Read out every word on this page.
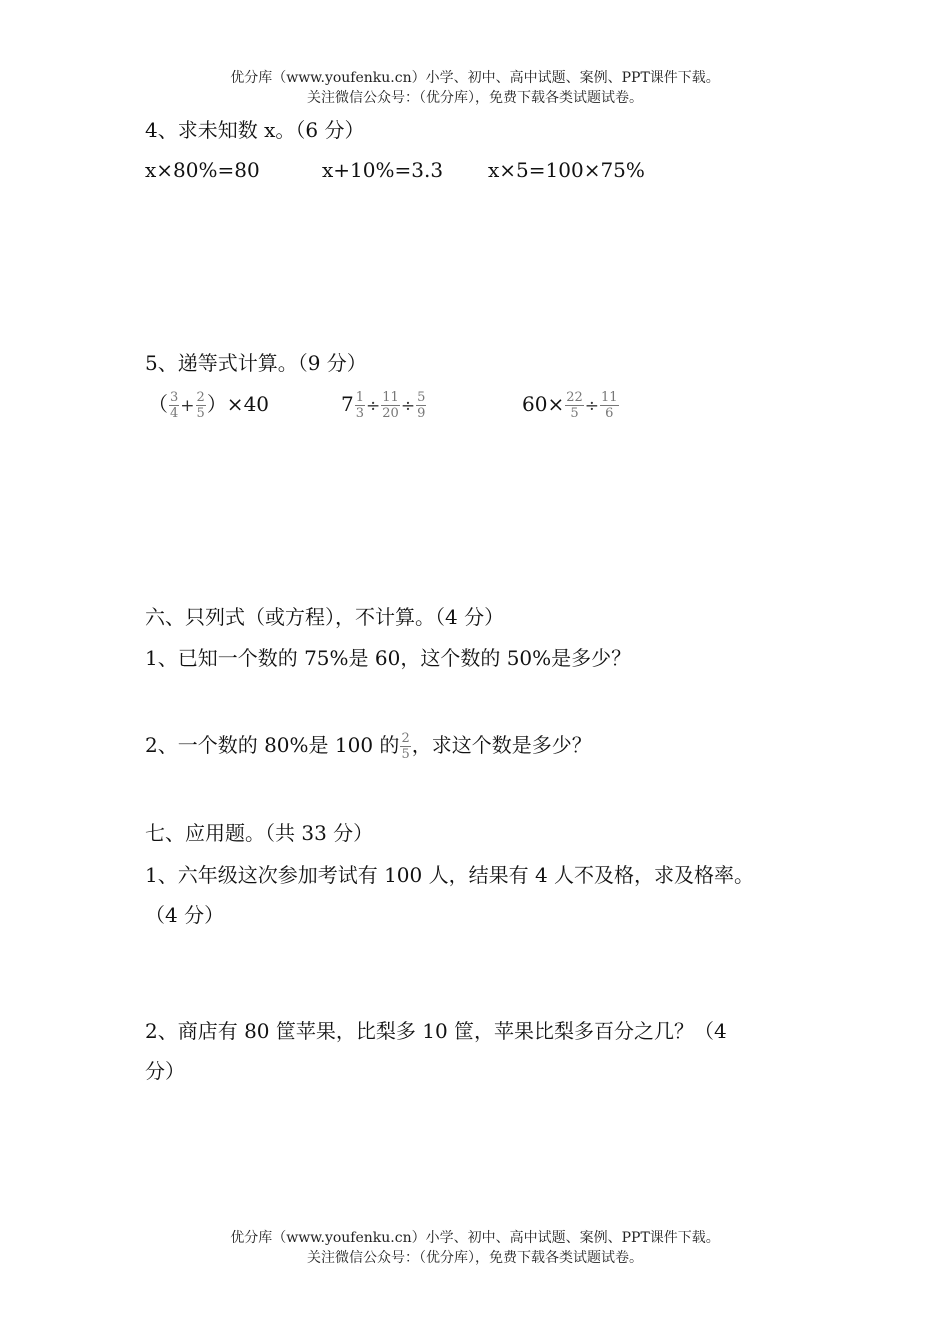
优分库（www.youfenku.cn）小学、初中、高中试题、案例、PPT课件下载。
关注微信公众号：（优分库），免费下载各类试题试卷。
4、求未知数 x。（6 分）
x×80%=80	x+10%=3.3 x×5=100×75%
5、递等式计算。（9 分）
（ $\frac{3}{4} + \frac{2}{5} )\times 40$	$7 \frac{1}{3} \div \frac{11}{20} \div \frac{5}{9}$	$60\times \frac{22}{5} \div \frac{11}{6}$
六、只列式（或方程），不计算。（4 分）
1、已知一个数的 75%是 60，这个数的 50%是多少？
2、一个数的 80%是 100 的 $\frac{2}{5}$ ，求这个数是多少？
七、应用题。（共 33 分）
1、六年级这次参加考试有 100 人，结果有 4 人不及格，求及格率。
（4 分）
2、商店有 80 筐苹果，比梨多 10 筐，苹果比梨多百分之几？（4
分）
优分库（www.youfenku.cn）小学、初中、高中试题、案例、PPT课件下载。
关注微信公众号：（优分库），免费下载各类试题试卷。
